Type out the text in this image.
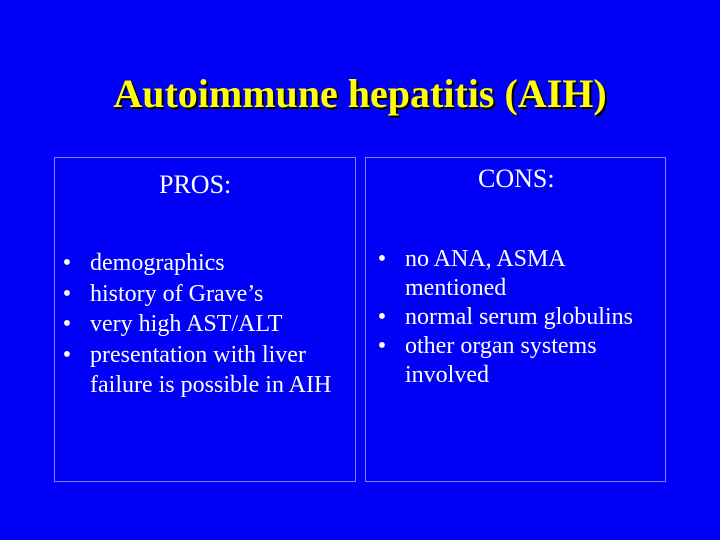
Autoimmune hepatitis (AIH)
PROS:
• demographics
• history of Grave’s
• very high AST/ALT
• presentation with liver failure is possible in AIH
CONS:
• no ANA, ASMA mentioned
• normal serum globulins
• other organ systems involved
